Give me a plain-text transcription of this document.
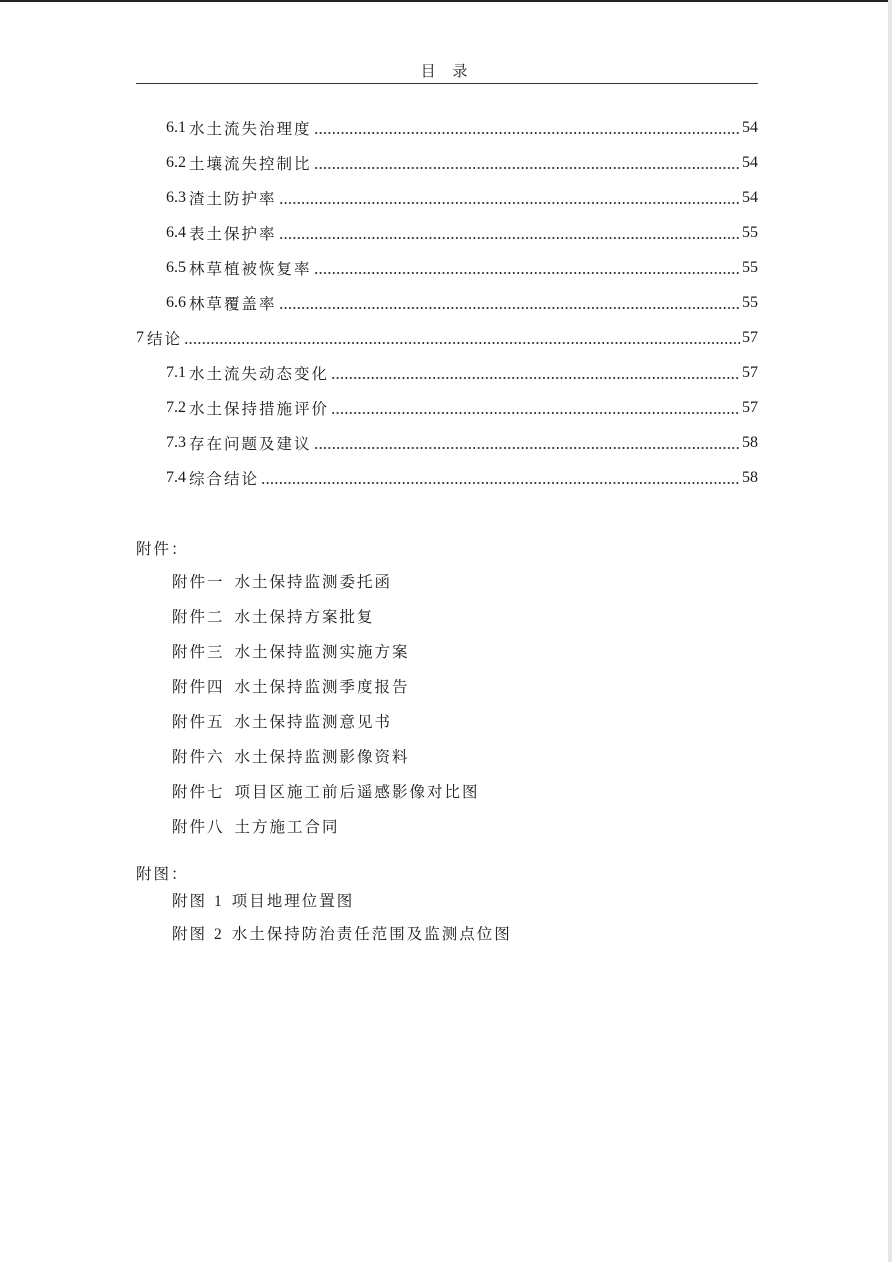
目 录
6.1 水土流失治理度	54
6.2 土壤流失控制比	54
6.3 渣土防护率	54
6.4 表土保护率	55
6.5 林草植被恢复率	55
6.6 林草覆盖率	55
7 结论	57
7.1 水土流失动态变化	57
7.2 水土保持措施评价	57
7.3 存在问题及建议	58
7.4 综合结论	58
附件：
附件一 水土保持监测委托函
附件二 水土保持方案批复
附件三 水土保持监测实施方案
附件四 水土保持监测季度报告
附件五 水土保持监测意见书
附件六 水土保持监测影像资料
附件七 项目区施工前后遥感影像对比图
附件八 土方施工合同
附图：
附图 1 项目地理位置图
附图 2 水土保持防治责任范围及监测点位图
